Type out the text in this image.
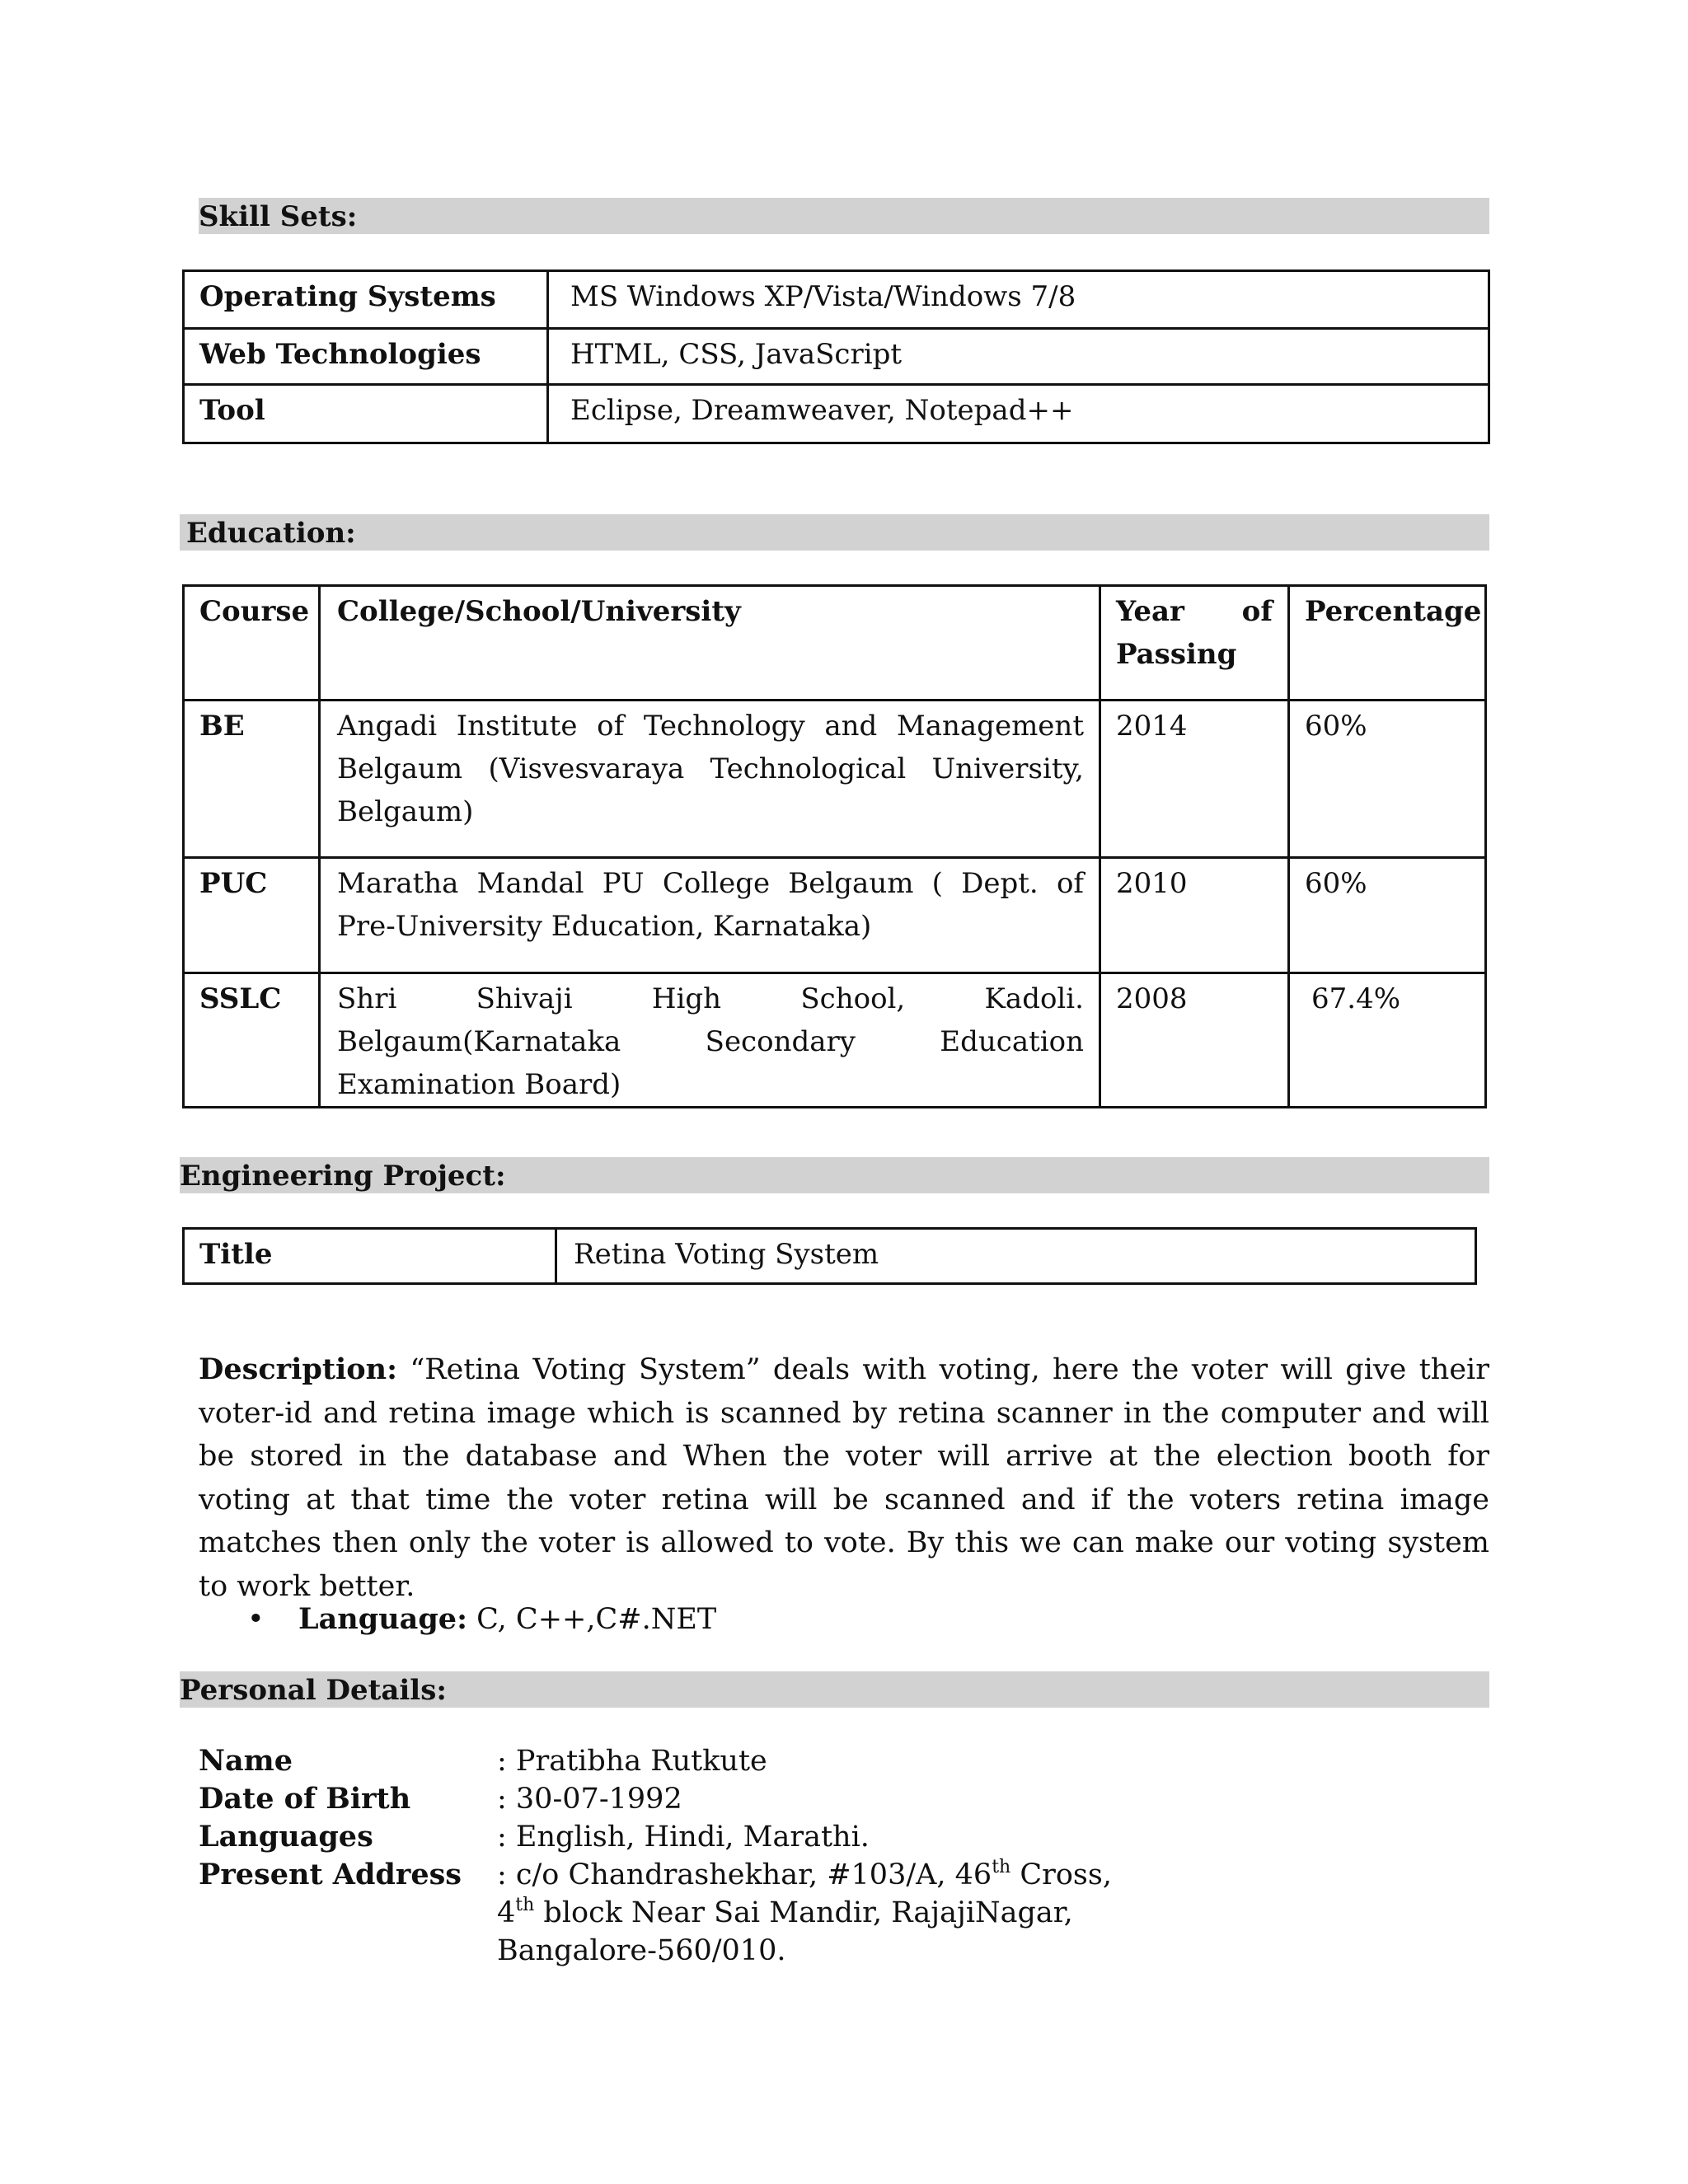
Skill Sets:
Operating Systems	MS Windows XP/Vista/Windows 7/8
Web Technologies	HTML, CSS, JavaScript
Tool	Eclipse, Dreamweaver, Notepad++
Education:
Course	College/School/University	Year of Passing	Percentage
BE	Angadi Institute of Technology and Management Belgaum (Visvesvaraya Technological University, Belgaum)	2014	60%
PUC	Maratha Mandal PU College Belgaum ( Dept. of Pre-University Education, Karnataka)	2010	60%
SSLC	Shri Shivaji High School, Kadoli. Belgaum(Karnataka Secondary Education Examination Board)	2008	67.4%
Engineering Project:
Title	Retina Voting System
Description: “Retina Voting System” deals with voting, here the voter will give their voter-id and retina image which is scanned by retina scanner in the computer and will be stored in the database and When the voter will arrive at the election booth for voting at that time the voter retina will be scanned and if the voters retina image matches then only the voter is allowed to vote. By this we can make our voting system to work better.
• Language: C, C++,C#.NET
Personal Details:
Name	: Pratibha Rutkute
Date of Birth	: 30-07-1992
Languages	: English, Hindi, Marathi.
Present Address : c/o Chandrashekhar, #103/A, 46th Cross,
4th block Near Sai Mandir, RajajiNagar,
Bangalore-560/010.
